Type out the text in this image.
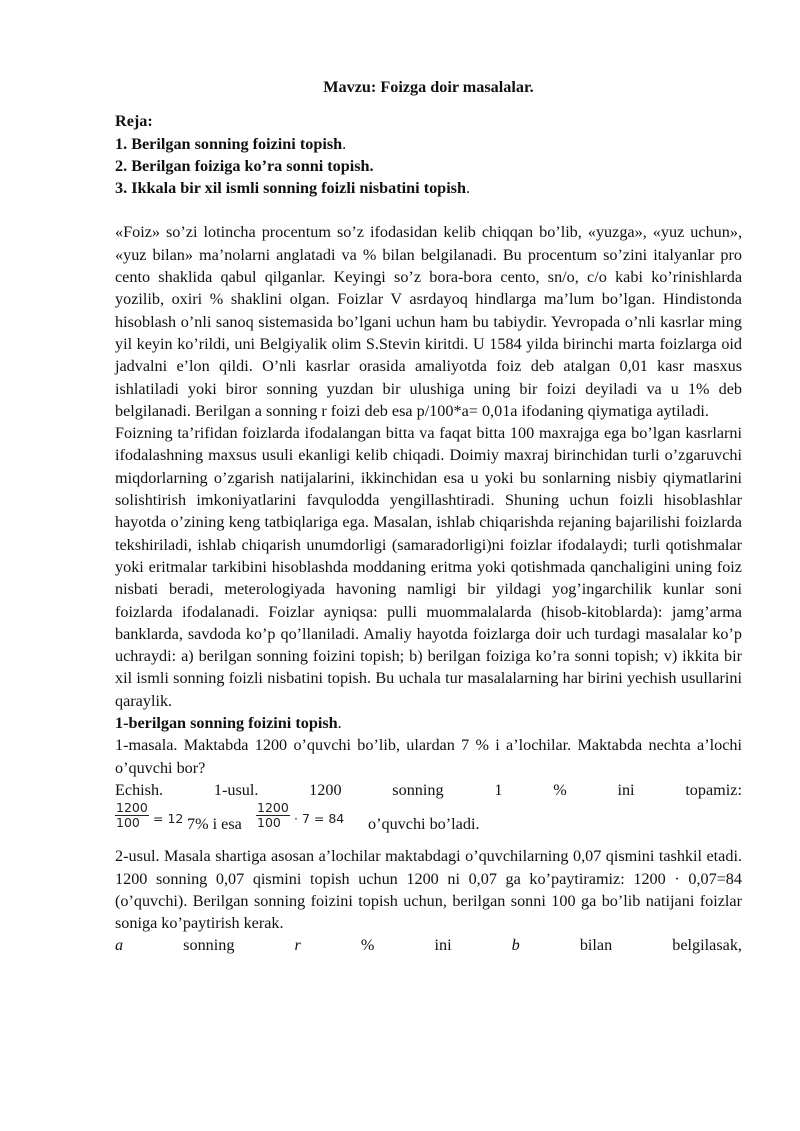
Mavzu: Foizga doir masalalar.
Reja:
1. Berilgan sonning foizini topish.
2. Berilgan foiziga ko’ra sonni topish.
3. Ikkala bir xil ismli sonning foizli nisbatini topish.

«Foiz» so’zi lotincha procentum so’z ifodasidan kelib chiqqan bo’lib, «yuzga», «yuz uchun», «yuz bilan» ma’nolarni anglatadi va % bilan belgilanadi. Bu procentum so’zini italyanlar pro cento shaklida qabul qilganlar. Keyingi so’z bora-bora cento, sn/o, c/o kabi ko’rinishlarda yozilib, oxiri % shaklini olgan. Foizlar V asrdayoq hindlarga ma’lum bo’lgan. Hindistonda hisoblash o’nli sanoq sistemasida bo’lgani uchun ham bu tabiydir. Yevropada o’nli kasrlar ming yil keyin ko’rildi, uni Belgiyalik olim S.Stevin kiritdi. U 1584 yilda birinchi marta foizlarga oid jadvalni e’lon qildi. O’nli kasrlar orasida amaliyotda foiz deb atalgan 0,01 kasr masxus ishlatiladi yoki biror sonning yuzdan bir ulushiga uning bir foizi deyiladi va u 1% deb belgilanadi. Berilgan a sonning r foizi deb esa p/100*a= 0,01a ifodaning qiymatiga aytiladi.

Foizning ta’rifidan foizlarda ifodalangan bitta va faqat bitta 100 maxrajga ega bo’lgan kasrlarni ifodalashning maxsus usuli ekanligi kelib chiqadi. Doimiy maxraj birinchidan turli o’zgaruvchi miqdorlarning o’zgarish natijalarini, ikkinchidan esa u yoki bu sonlarning nisbiy qiymatlarini solishtirish imkoniyatlarini favqulodda yengillashtiradi. Shuning uchun foizli hisoblashlar hayotda o’zining keng tatbiqlariga ega. Masalan, ishlab chiqarishda rejaning bajarilishi foizlarda tekshiriladi, ishlab chiqarish unumdorligi (samaradorligi)ni foizlar ifodalaydi; turli qotishmalar yoki eritmalar tarkibini hisoblashda moddaning eritma yoki qotishmada qanchaligini uning foiz nisbati beradi, meterologiyada havoning namligi bir yildagi yog’ingarchilik kunlar soni foizlarda ifodalanadi. Foizlar ayniqsa: pulli muommalalarda (hisob-kitoblarda): jamg’arma banklarda, savdoda ko’p qo’llaniladi. Amaliy hayotda foizlarga doir uch turdagi masalalar ko’p uchraydi: a) berilgan sonning foizini topish; b) berilgan foiziga ko’ra sonni topish; v) ikkita bir xil ismli sonning foizli nisbatini topish. Bu uchala tur masalalarning har birini yechish usullarini qaraylik.

1-berilgan sonning foizini topish.

1-masala. Maktabda 1200 o’quvchi bo’lib, ulardan 7 % i a’lochilar. Maktabda nechta a’lochi o’quvchi bor?

Echish.	1-usul.	1200	sonning	1	%	ini	topamiz:
$\frac{1200}{100} = 12$ 7% i esa $\frac{1200}{100} \cdot 7 = 84$ o’quvchi bo’ladi.

2-usul. Masala shartiga asosan a’lochilar maktabdagi o’quvchilarning 0,07 qismini tashkil etadi. 1200 sonning 0,07 qismini topish uchun 1200 ni 0,07 ga ko’paytiramiz: 1200 · 0,07=84 (o’quvchi). Berilgan sonning foizini topish uchun, berilgan sonni 100 ga bo’lib natijani foizlar soniga ko’paytirish kerak.

a	sonning	r	%	ini	b	bilan	belgilasak,
